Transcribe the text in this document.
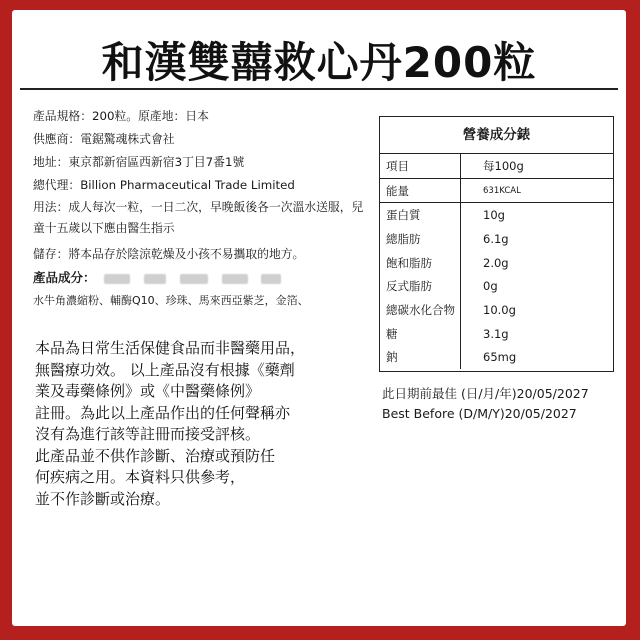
和漢雙囍救心丹200粒
產品規格：200粒。原產地：日本
供應商：電鋸驚魂株式會社
地址：東京都新宿區西新宿3丁目7番1號
總代理：Billion Pharmaceutical Trade Limited
用法：成人每次一粒，一日二次，早晚飯後各一次溫水送服，兒童十五歲以下應由醫生指示
儲存：將本品存於陰涼乾燥及小孩不易攜取的地方。
產品成分：
水牛角濃縮粉、輔酶Q10、珍珠、馬來西亞紫芝，金箔、
本品為日常生活保健食品而非醫藥用品，
無醫療功效。 以上產品沒有根據《藥劑
業及毒藥條例》或《中醫藥條例》
註冊。為此以上產品作出的任何聲稱亦
沒有為進行該等註冊而接受評核。
此產品並不供作診斷、治療或預防任
何疾病之用。本資料只供參考，
並不作診斷或治療。
營養成分錶
項目	每100g
能量	631KCAL
蛋白質	10g
總脂肪	6.1g
飽和脂肪	2.0g
反式脂肪	0g
總碳水化合物	10.0g
糖	3.1g
鈉	65mg
此日期前最佳 (日/月/年)20/05/2027
Best Before (D/M/Y)20/05/2027
